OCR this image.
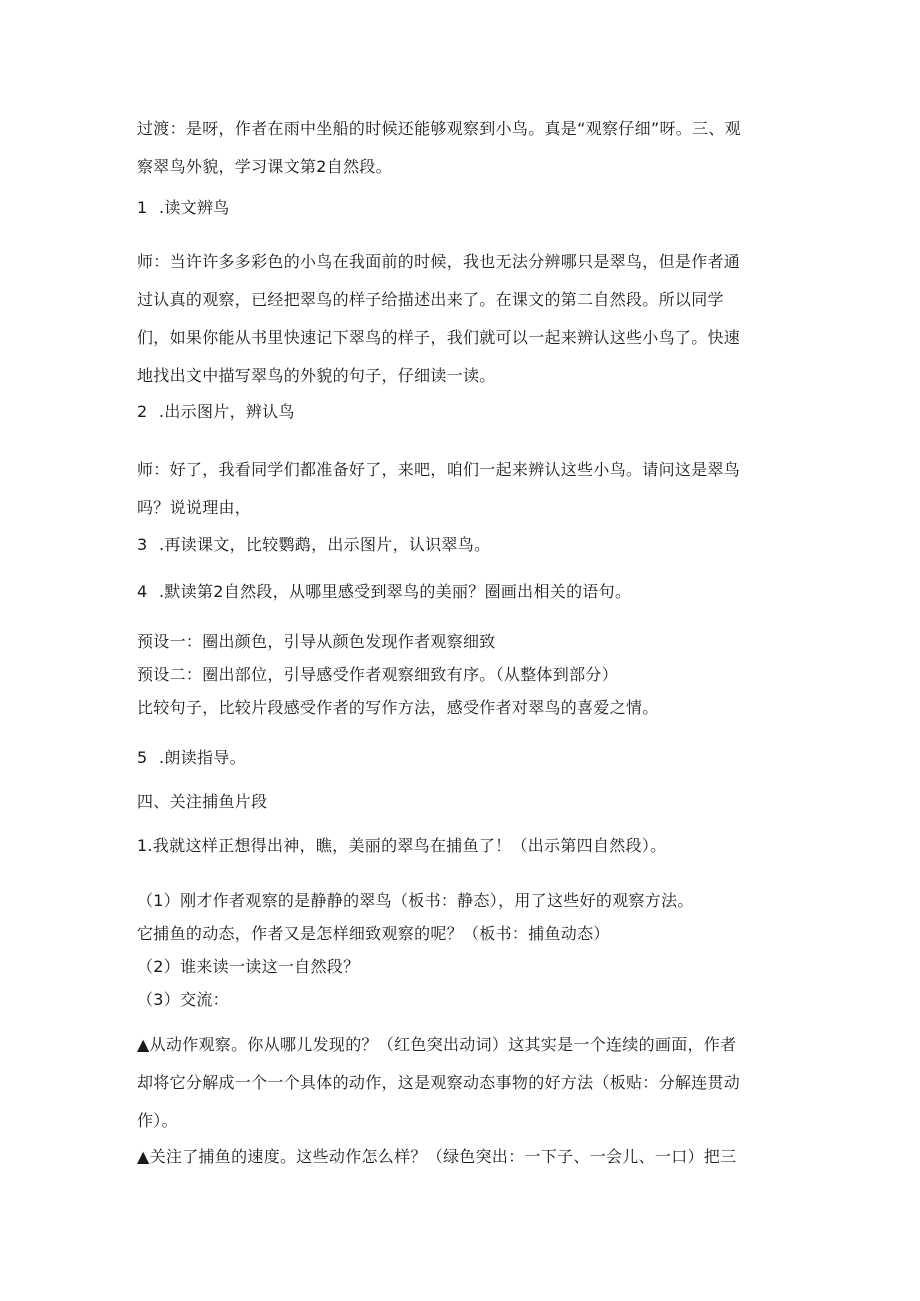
过渡：是呀，作者在雨中坐船的时候还能够观察到小鸟。真是“观察仔细”呀。三、观
察翠鸟外貌，学习课文第2自然段。
1 .读文辨鸟
师：当许许多多彩色的小鸟在我面前的时候，我也无法分辨哪只是翠鸟，但是作者通
过认真的观察，已经把翠鸟的样子给描述出来了。在课文的第二自然段。所以同学
们，如果你能从书里快速记下翠鸟的样子，我们就可以一起来辨认这些小鸟了。快速
地找出文中描写翠鸟的外貌的句子，仔细读一读。
2 .出示图片，辨认鸟
师：好了，我看同学们都准备好了，来吧，咱们一起来辨认这些小鸟。请问这是翠鸟
吗？说说理由，
3 .再读课文，比较鹦鹉，出示图片，认识翠鸟。
4 .默读第2自然段，从哪里感受到翠鸟的美丽？圈画出相关的语句。
预设一：圈出颜色，引导从颜色发现作者观察细致
预设二：圈出部位，引导感受作者观察细致有序。（从整体到部分）
比较句子，比较片段感受作者的写作方法，感受作者对翠鸟的喜爱之情。
5 .朗读指导。
四、关注捕鱼片段
1.我就这样正想得出神，瞧，美丽的翠鸟在捕鱼了！（出示第四自然段）。
（1）刚才作者观察的是静静的翠鸟（板书：静态），用了这些好的观察方法。
它捕鱼的动态，作者又是怎样细致观察的呢？（板书：捕鱼动态）
（2）谁来读一读这一自然段？
（3）交流：
▲从动作观察。你从哪儿发现的？（红色突出动词）这其实是一个连续的画面，作者
却将它分解成一个一个具体的动作，这是观察动态事物的好方法（板贴：分解连贯动
作）。
▲关注了捕鱼的速度。这些动作怎么样？（绿色突出：一下子、一会儿、一口）把三
